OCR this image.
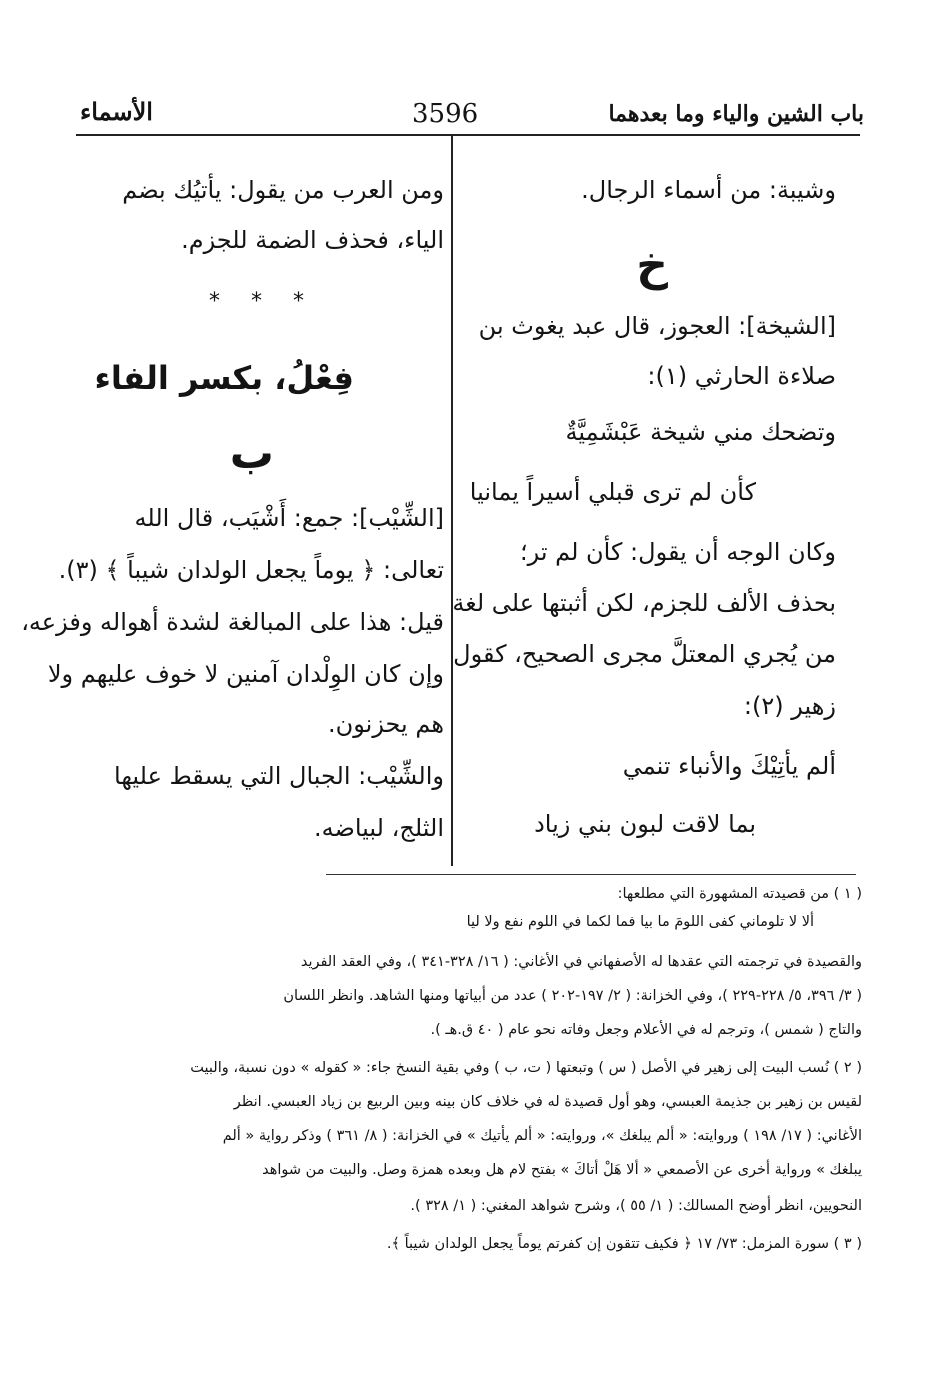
باب الشين والياء وما بعدهما
3596
الأسماء
وشيبة: من أسماء الرجال.
خ
[الشيخة]: العجوز، قال عبد يغوث بن
صلاءة الحارثي (١):
وتضحك مني شيخة عَبْشَمِيَّةٌ
كأن لم ترى قبلي أسيراً يمانيا
وكان الوجه أن يقول: كأن لم تر؛
بحذف الألف للجزم، لكن أثبتها على لغة
من يُجري المعتلَّ مجرى الصحيح، كقول
زهير (٢):
ألم يأتِيْكَ والأنباء تنمي
بما لاقت لبون بني زياد
ومن العرب من يقول: يأتيُك بضم
الياء، فحذف الضمة للجزم.
* * *
فِعْلُ، بكسر الفاء
ب
[الشِّيْب]: جمع: أَشْيَب، قال الله
تعالى: ﴿ يوماً يجعل الولدان شيباً ﴾ (٣).
قيل: هذا على المبالغة لشدة أهواله وفزعه،
وإن كان الوِلْدان آمنين لا خوف عليهم ولا
هم يحزنون.
والشِّيْب: الجبال التي يسقط عليها
الثلج، لبياضه.
( ١ ) من قصيدته المشهورة التي مطلعها:
ألا لا تلوماني كفى اللومَ ما بيا فما لكما في اللوم نفع ولا ليا
والقصيدة في ترجمته التي عقدها له الأصفهاني في الأغاني: ( ١٦/ ٣٢٨-٣٤١ )، وفي العقد الفريد
( ٣/ ٣٩٦، ٥/ ٢٢٨-٢٢٩ )، وفي الخزانة: ( ٢/ ١٩٧-٢٠٢ ) عدد من أبياتها ومنها الشاهد. وانظر اللسان
والتاج ( شمس )، وترجم له في الأعلام وجعل وفاته نحو عام ( ٤٠ ق.هـ ).
( ٢ ) نُسب البيت إلى زهير في الأصل ( س ) وتبعتها ( ت، ب ) وفي بقية النسخ جاء: « كقوله » دون نسبة، والبيت
لقيس بن زهير بن جذيمة العبسي، وهو أول قصيدة له في خلاف كان بينه وبين الربيع بن زياد العبسي. انظر
الأغاني: ( ١٧/ ١٩٨ ) وروايته: « ألم يبلغك »، وروايته: « ألم يأتيك » في الخزانة: ( ٨/ ٣٦١ ) وذكر رواية « ألم
يبلغك » ورواية أخرى عن الأصمعي « ألا هَلْ أتاكَ » بفتح لام هل وبعده همزة وصل. والبيت من شواهد
النحويين، انظر أوضح المسالك: ( ١/ ٥٥ )، وشرح شواهد المغني: ( ١/ ٣٢٨ ).
( ٣ ) سورة المزمل: ٧٣/ ١٧ ﴿ فكيف تتقون إن كفرتم يوماً يجعل الولدان شيباً ﴾.
